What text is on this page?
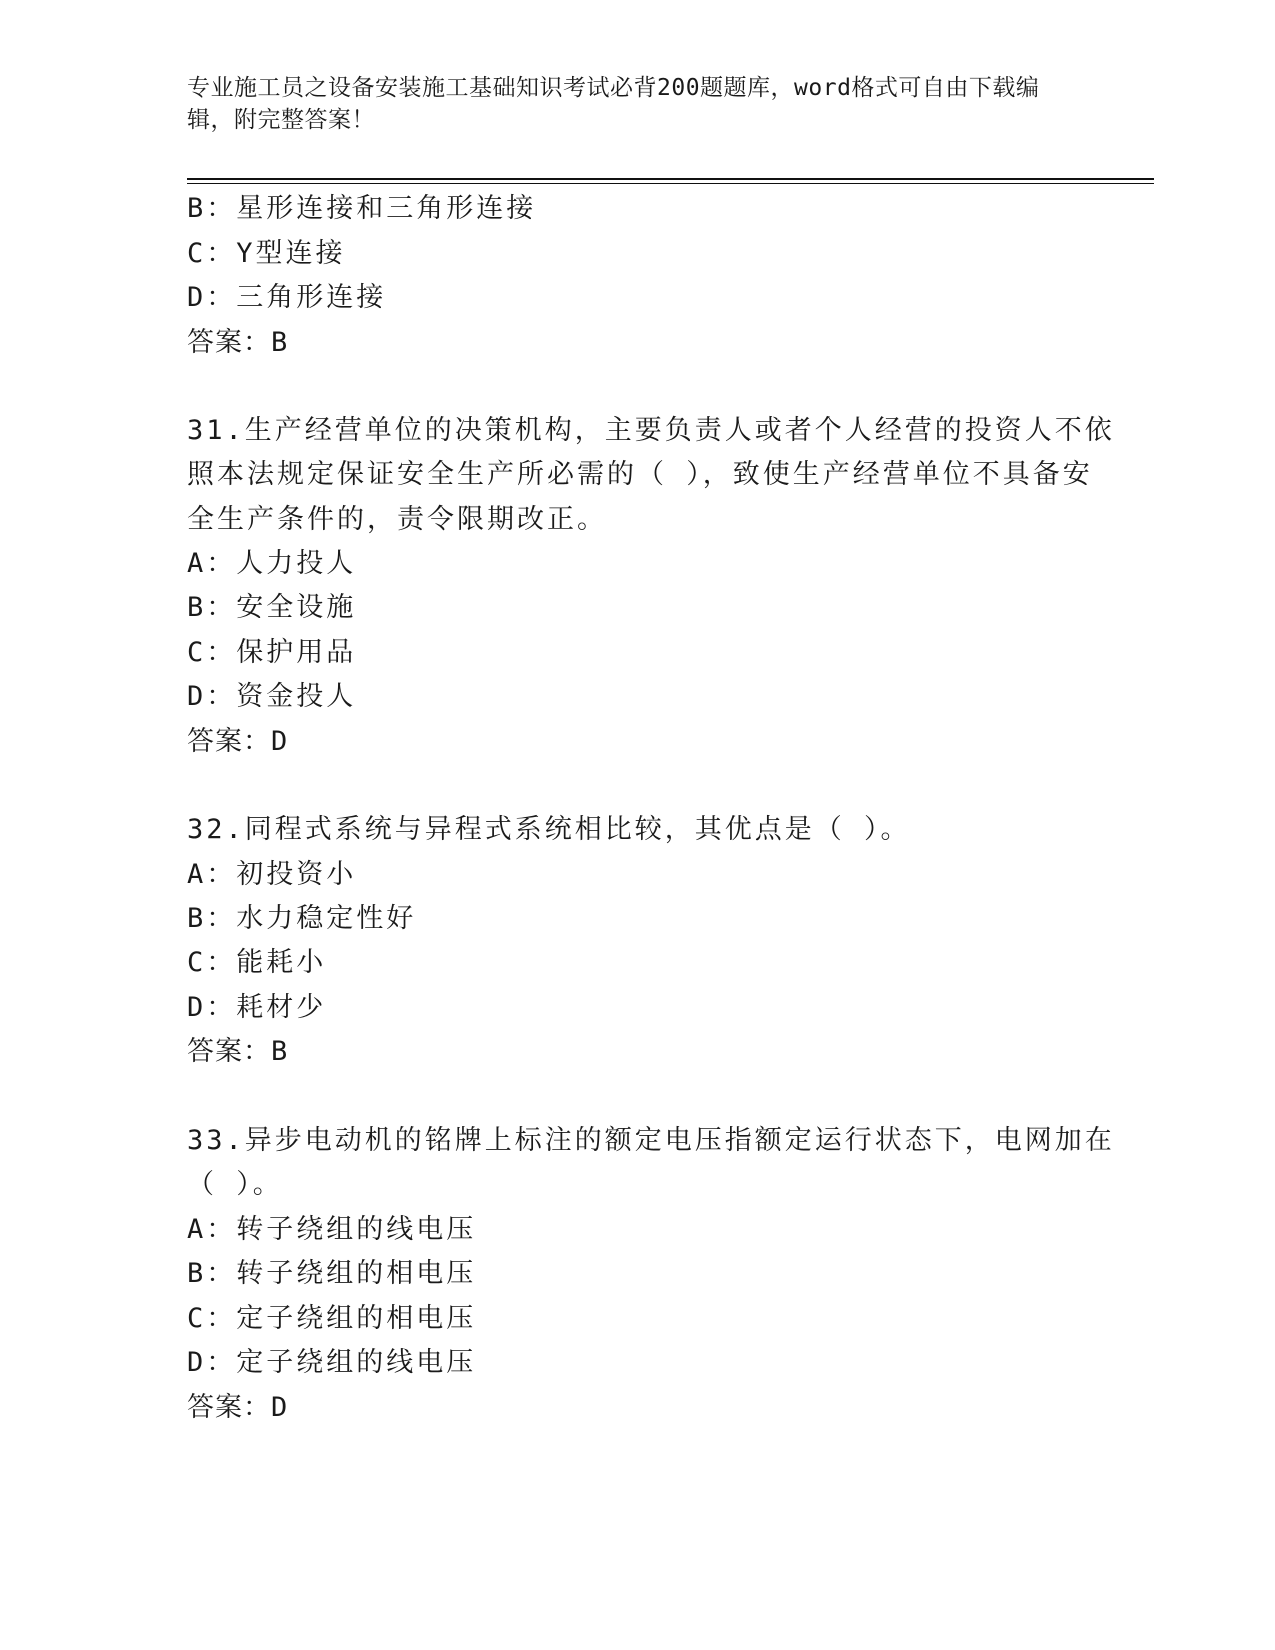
专业施工员之设备安装施工基础知识考试必背200题题库，word格式可自由下载编辑，附完整答案！
B：星形连接和三角形连接
C：Y型连接
D：三角形连接
答案：B
31.生产经营单位的决策机构，主要负责人或者个人经营的投资人不依
照本法规定保证安全生产所必需的（ ），致使生产经营单位不具备安
全生产条件的，责令限期改正。
A：人力投人
B：安全设施
C：保护用品
D：资金投人
答案：D
32.同程式系统与异程式系统相比较，其优点是（ ）。
A：初投资小
B：水力稳定性好
C：能耗小
D：耗材少
答案：B
33.异步电动机的铭牌上标注的额定电压指额定运行状态下，电网加在
（ ）。
A：转子绕组的线电压
B：转子绕组的相电压
C：定子绕组的相电压
D：定子绕组的线电压
答案：D
